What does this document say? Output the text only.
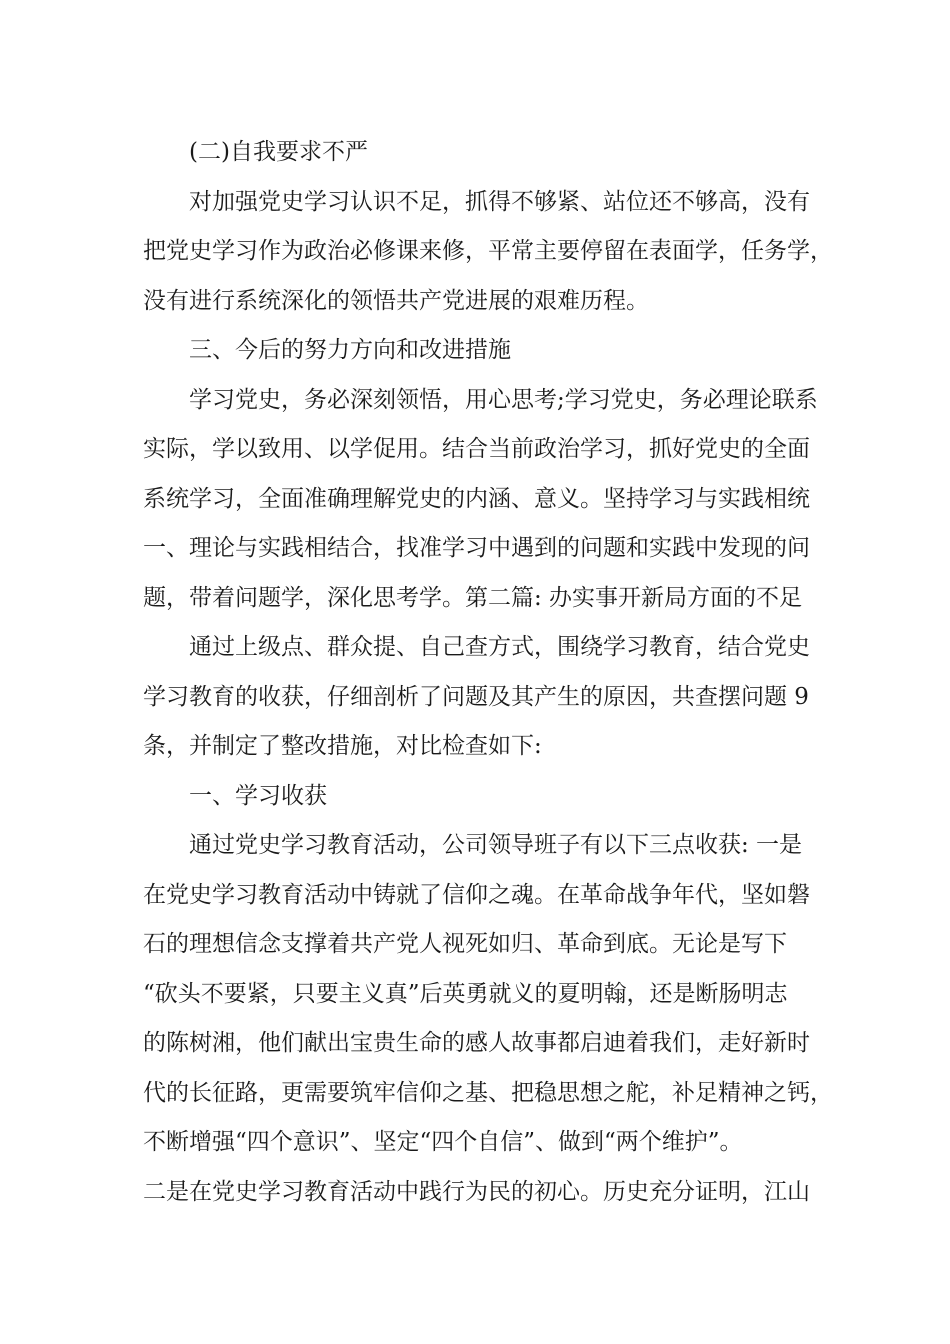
(二)自我要求不严
对加强党史学习认识不足，抓得不够紧、站位还不够高，没有
把党史学习作为政治必修课来修，平常主要停留在表面学，任务学，
没有进行系统深化的领悟共产党进展的艰难历程。
三、今后的努力方向和改进措施
学习党史，务必深刻领悟，用心思考;学习党史，务必理论联系
实际，学以致用、以学促用。结合当前政治学习，抓好党史的全面
系统学习，全面准确理解党史的内涵、意义。坚持学习与实践相统
一、理论与实践相结合，找准学习中遇到的问题和实践中发现的问
题，带着问题学，深化思考学。第二篇: 办实事开新局方面的不足
通过上级点、群众提、自己查方式，围绕学习教育，结合党史
学习教育的收获，仔细剖析了问题及其产生的原因，共查摆问题 9
条，并制定了整改措施，对比检查如下:
一、学习收获
通过党史学习教育活动，公司领导班子有以下三点收获: 一是
在党史学习教育活动中铸就了信仰之魂。在革命战争年代，坚如磐
石的理想信念支撑着共产党人视死如归、革命到底。无论是写下
“砍头不要紧，只要主义真”后英勇就义的夏明翰，还是断肠明志
的陈树湘，他们献出宝贵生命的感人故事都启迪着我们，走好新时
代的长征路，更需要筑牢信仰之基、把稳思想之舵，补足精神之钙，
不断增强“四个意识”、坚定“四个自信”、做到“两个维护”。
二是在党史学习教育活动中践行为民的初心。历史充分证明，江山
